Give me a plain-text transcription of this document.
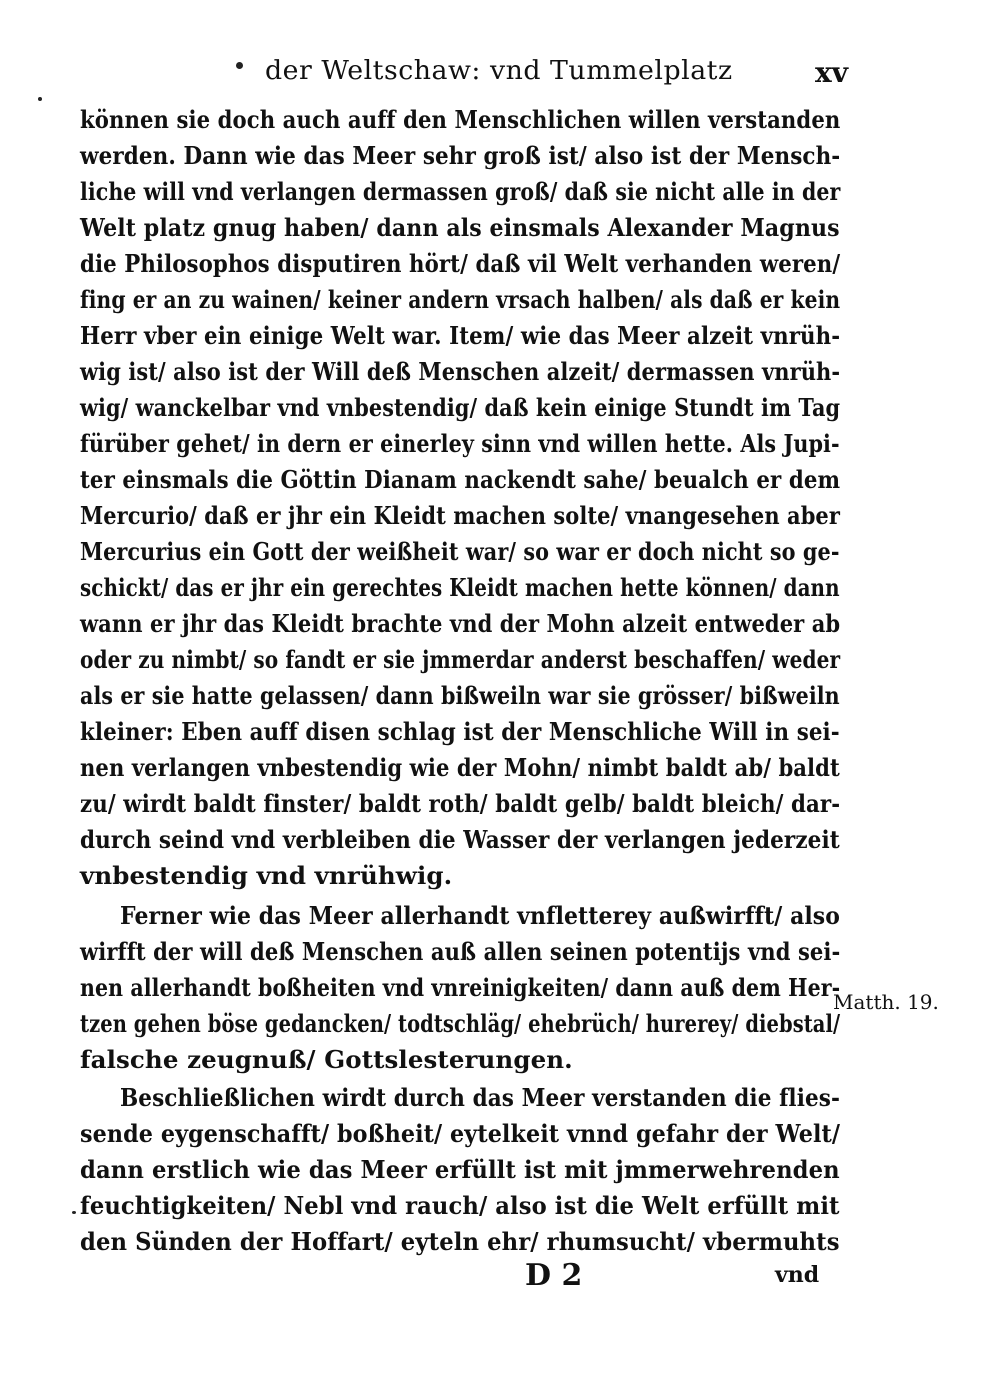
der Weltschaw: vnd Tummelplatz	xv
können sie doch auch auff den Menschlichen willen verstanden
werden. Dann wie das Meer sehr groß ist/ also ist der Mensch-
liche will vnd verlangen dermassen groß/ daß sie nicht alle in der
Welt platz gnug haben/ dann als einsmals Alexander Magnus
die Philosophos disputiren hört/ daß vil Welt verhanden weren/
fing er an zu wainen/ keiner andern vrsach halben/ als daß er kein
Herr vber ein einige Welt war. Item/ wie das Meer alzeit vnrüh-
wig ist/ also ist der Will deß Menschen alzeit/ dermassen vnrüh-
wig/ wanckelbar vnd vnbestendig/ daß kein einige Stundt im Tag
fürüber gehet/ in dern er einerley sinn vnd willen hette. Als Jupi-
ter einsmals die Göttin Dianam nackendt sahe/ beualch er dem
Mercurio/ daß er jhr ein Kleidt machen solte/ vnangesehen aber
Mercurius ein Gott der weißheit war/ so war er doch nicht so ge-
schickt/ das er jhr ein gerechtes Kleidt machen hette können/ dann
wann er jhr das Kleidt brachte vnd der Mohn alzeit entweder ab
oder zu nimbt/ so fandt er sie jmmerdar anderst beschaffen/ weder
als er sie hatte gelassen/ dann bißweiln war sie grösser/ bißweiln
kleiner: Eben auff disen schlag ist der Menschliche Will in sei-
nen verlangen vnbestendig wie der Mohn/ nimbt baldt ab/ baldt
zu/ wirdt baldt finster/ baldt roth/ baldt gelb/ baldt bleich/ dar-
durch seind vnd verbleiben die Wasser der verlangen jederzeit
vnbestendig vnd vnrühwig.
Ferner wie das Meer allerhandt vnfletterey außwirfft/ also
wirfft der will deß Menschen auß allen seinen potentijs vnd sei-
nen allerhandt boßheiten vnd vnreinigkeiten/ dann auß dem Her-
tzen gehen böse gedancken/ todtschläg/ ehebrüch/ hurerey/ diebstal/
falsche zeugnuß/ Gottslesterungen.
Beschließlichen wirdt durch das Meer verstanden die flies-
sende eygenschafft/ boßheit/ eytelkeit vnnd gefahr der Welt/
dann erstlich wie das Meer erfüllt ist mit jmmerwehrenden
feuchtigkeiten/ Nebl vnd rauch/ also ist die Welt erfüllt mit
den Sünden der Hoffart/ eyteln ehr/ rhumsucht/ vbermuhts
Matth. 19.
D 2	vnd
